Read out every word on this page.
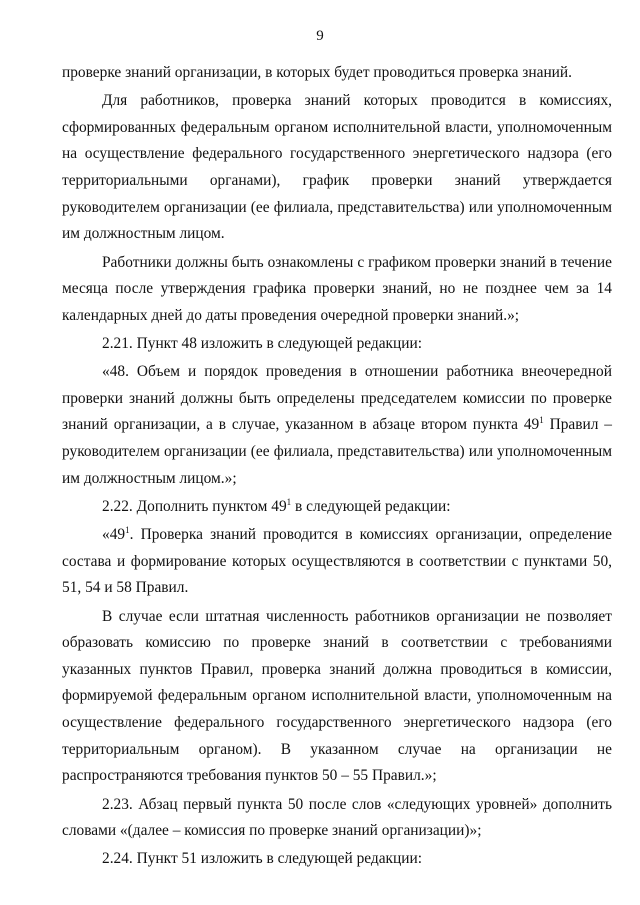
9

проверке знаний организации, в которых будет проводиться проверка знаний.

Для работников, проверка знаний которых проводится в комиссиях, сформированных федеральным органом исполнительной власти, уполномоченным на осуществление федерального государственного энергетического надзора (его территориальными органами), график проверки знаний утверждается руководителем организации (ее филиала, представительства) или уполномоченным им должностным лицом.

Работники должны быть ознакомлены с графиком проверки знаний в течение месяца после утверждения графика проверки знаний, но не позднее чем за 14 календарных дней до даты проведения очередной проверки знаний.»;

2.21. Пункт 48 изложить в следующей редакции:

«48. Объем и порядок проведения в отношении работника внеочередной проверки знаний должны быть определены председателем комиссии по проверке знаний организации, а в случае, указанном в абзаце втором пункта $49^1$ Правил – руководителем организации (ее филиала, представительства) или уполномоченным им должностным лицом.»;

2.22. Дополнить пунктом $49^1$ в следующей редакции:

«$49^1$. Проверка знаний проводится в комиссиях организации, определение состава и формирование которых осуществляются в соответствии с пунктами 50, 51, 54 и 58 Правил.

В случае если штатная численность работников организации не позволяет образовать комиссию по проверке знаний в соответствии с требованиями указанных пунктов Правил, проверка знаний должна проводиться в комиссии, формируемой федеральным органом исполнительной власти, уполномоченным на осуществление федерального государственного энергетического надзора (его территориальным органом). В указанном случае на организации не распространяются требования пунктов 50 – 55 Правил.»;

2.23. Абзац первый пункта 50 после слов «следующих уровней» дополнить словами «(далее – комиссия по проверке знаний организации)»;

2.24. Пункт 51 изложить в следующей редакции:
